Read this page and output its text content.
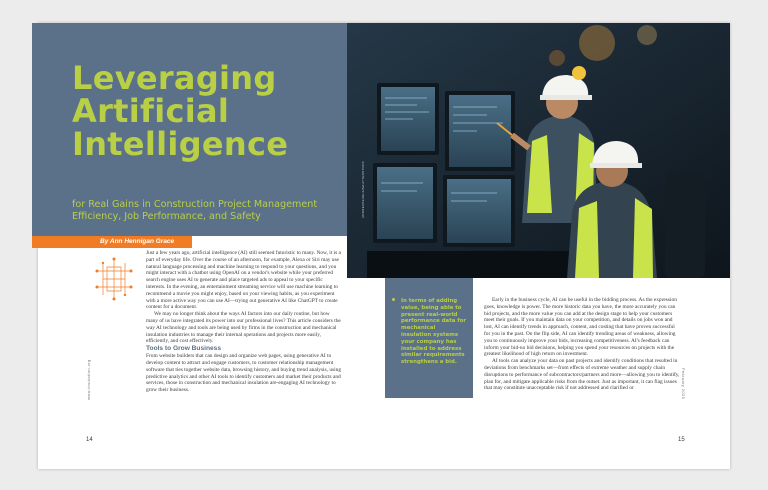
Leveraging
Artificial
Intelligence

for Real Gains in Construction Project Management Efficiency, Job Performance, and Safety

By Ann Hennigan Grace
ANDREI/PEXELS/SHUTTERSTOCK

Just a few years ago, artificial intelligence (AI) still seemed futuristic to many. Now, it is a part of everyday life. Over the course of an afternoon, for example, Alexa or Siri may use natural language processing and machine learning to respond to your questions, and you might interact with a chatbot using OpenAI on a vendor's website while your preferred search engine uses AI to generate and place targeted ads to appeal to your specific interests. In the evening, an entertainment streaming service will use machine learning to recommend a movie you might enjoy, based on your viewing habits, as you experiment with a more active way you can use AI—trying out generative AI like ChatGPT to create content for a document.

We may no longer think about the ways AI factors into our daily routine, but how many of us have integrated its power into our professional lives? This article considers the way AI technology and tools are being used by firms in the construction and mechanical insulation industries to manage their internal operations and projects more easily, efficiently, and cost effectively.

Tools to Grow Business

From website builders that can design and organize web pages, using generative AI to develop content to attract and engage customers, to customer relationship management software that ties together website data, browsing history, and buying trend analysis, using predictive analytics and other AI tools to identify customers and market their products and services, those in construction and mechanical insulation are-engaging AI technology to grow their business.

In terms of adding value, being able to present real-world performance data for mechanical insulation systems your company has installed to address similar requirements strengthens a bid.

Early in the business cycle, AI can be useful in the bidding process. As the expression goes, knowledge is power. The more historic data you have, the more accurately you can bid projects, and the more value you can add at the design stage to help your customers meet their goals. If you maintain data on your competition, and details on jobs won and lost, AI can identify trends in approach, content, and costing that have proven successful for you in the past. On the flip side, AI can identify trending areas of weakness, allowing you to continuously improve your bids, increasing competitiveness. AI's feedback can inform your bid-no bid decisions, helping you spend your resources on projects with the greatest likelihood of high return on investment.

AI tools can analyze your data on past projects and identify conditions that resulted in deviations from benchmarks set—from effects of extreme weather and supply chain disruptions to performance of subcontractors/partners and more—allowing you to identify, plan for, and mitigate applicable risks from the outset. Just as important, it can flag issues that may constitute unacceptable risk if not addressed and clarified or

14	15
www.insulation.org	February 2025
